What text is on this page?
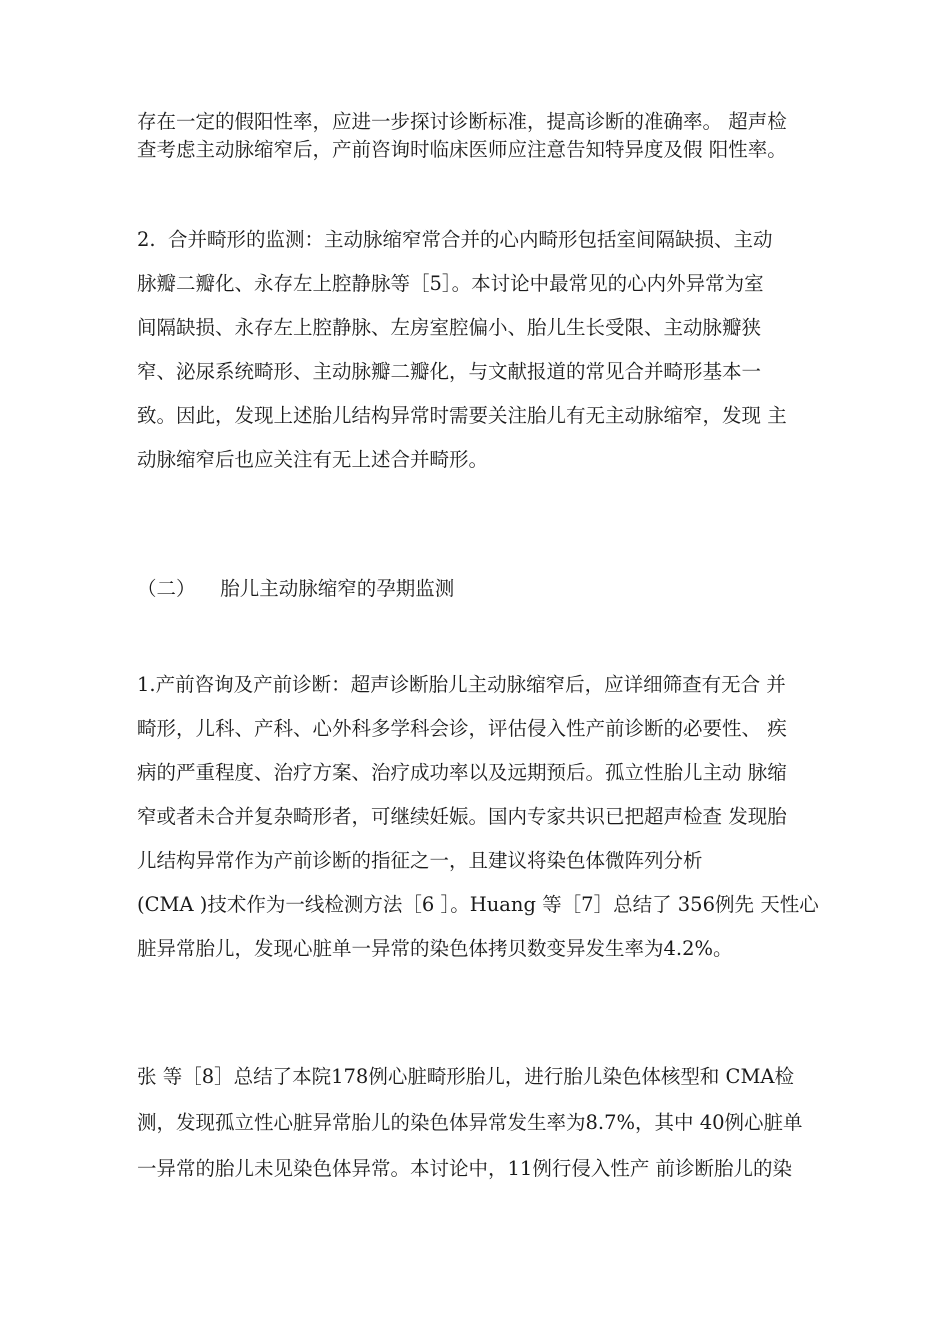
存在一定的假阳性率，应进一步探讨诊断标准，提高诊断的准确率。 超声检
查考虑主动脉缩窄后，产前咨询时临床医师应注意告知特异度及假 阳性率。
2.  合并畸形的监测：主动脉缩窄常合并的心内畸形包括室间隔缺损、主动
脉瓣二瓣化、永存左上腔静脉等［5］。本讨论中最常见的心内外异常为室
间隔缺损、永存左上腔静脉、左房室腔偏小、胎儿生长受限、主动脉瓣狭
窄、泌尿系统畸形、主动脉瓣二瓣化，与文献报道的常见合并畸形基本一
致。因此，发现上述胎儿结构异常时需要关注胎儿有无主动脉缩窄，发现 主
动脉缩窄后也应关注有无上述合并畸形。
（二）    胎儿主动脉缩窄的孕期监测
1.产前咨询及产前诊断：超声诊断胎儿主动脉缩窄后，应详细筛查有无合 并
畸形，儿科、产科、心外科多学科会诊，评估侵入性产前诊断的必要性、 疾
病的严重程度、治疗方案、治疗成功率以及远期预后。孤立性胎儿主动 脉缩
窄或者未合并复杂畸形者，可继续妊娠。国内专家共识已把超声检查 发现胎
儿结构异常作为产前诊断的指征之一，且建议将染色体微阵列分析
(CMA )技术作为一线检测方法［6 ］。Huang 等［7］总结了 356例先 天性心
脏异常胎儿，发现心脏单一异常的染色体拷贝数变异发生率为4.2%。
张 等［8］总结了本院178例心脏畸形胎儿，进行胎儿染色体核型和 CMA检
测，发现孤立性心脏异常胎儿的染色体异常发生率为8.7%，其中 40例心脏单
一异常的胎儿未见染色体异常。本讨论中，11例行侵入性产 前诊断胎儿的染
